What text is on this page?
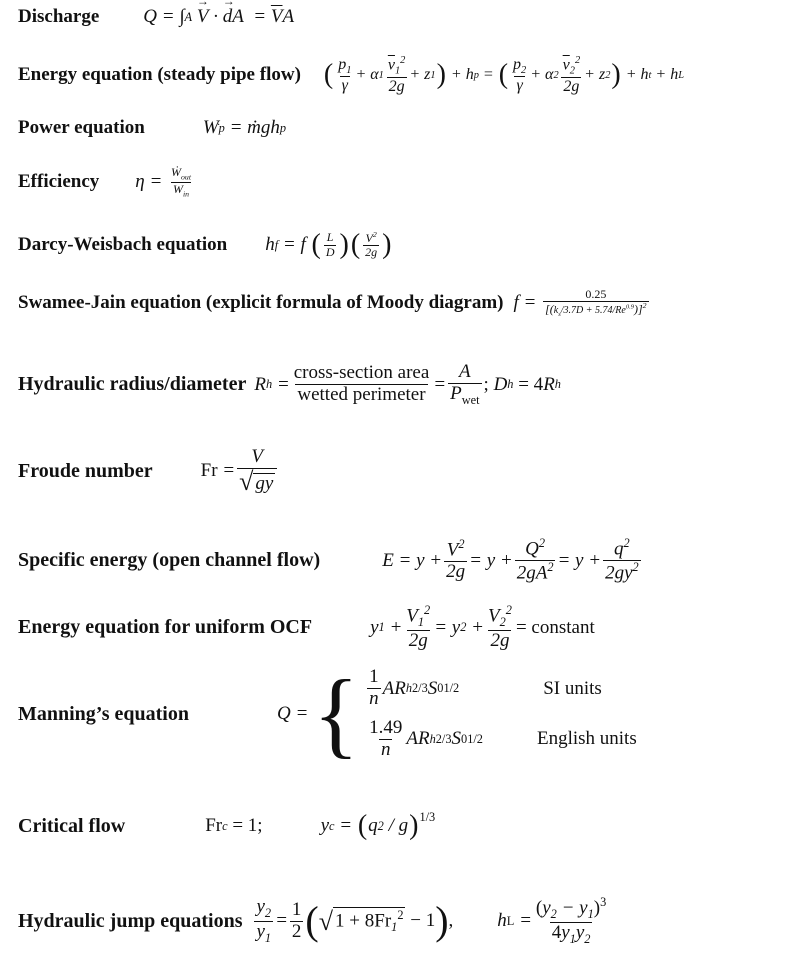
Discharge Q = ∫ A
→ V · → dA = $\overline{V}$ A
Energy equation (steady pipe flow) ( $\frac{p_1}{\gamma} + \alpha$ $1 \frac{\overline{v}_1^2}{2g} + z$ 1 ) + h p = ( $\frac{p_2}{\gamma} + \alpha$ $2 \frac{\overline{v}_2^2}{2g} + z$ 2 ) + h t + h L
Power equation	W p = ṁgh p
Efficiency $\eta = \frac{Ẇ_{out}}{W_{in}}$
Darcy-Weisbach equation h f = f ( $\frac{L}{D}$ ) ( $\frac{V^2}{2g}$ )
Swamee-Jain equation (explicit formula of Moody diagram) $f = \frac{0.25}{[(k_s/3.7D + 5.74/Re^{0.9})]^2}$
Hydraulic radius/diameter R $h = \frac{\text{cross-section area}}{\text{wetted perimeter}} = \frac{A}{P_{wet}}$ ; D h
= 4 R h
Froude number	$Fr = \frac{V}{√ gy}$
Specific energy (open channel flow)	$E = y + \frac{V^2}{2g} = y + \frac{Q^2}{2gA^2} = y + \frac{q^2}{2gy^2}$
Energy equation for uniform OCF	y $1 + \frac{V_1^2}{2g} = y$ $2 + \frac{V_2^2}{2g}$ = constant
Manning’s equation	Q = { $\frac{1}{n}$ AR h 2/3 S 0 1/2	SI units
$\frac{1.49}{n}$ AR h 2/3 S 0 1/2	English units
Critical flow	Fr c
= 1;	y c = ( q 2 / g )$^{1/3}$
Hydraulic jump equations $\frac{y_2}{y_1} = \frac{1}{2}$ ( √ $1 + 8Fr_1^2$
− 1 ) , h $L = \frac{(y_2 - y_1)^3}{4y_1y_2}$
